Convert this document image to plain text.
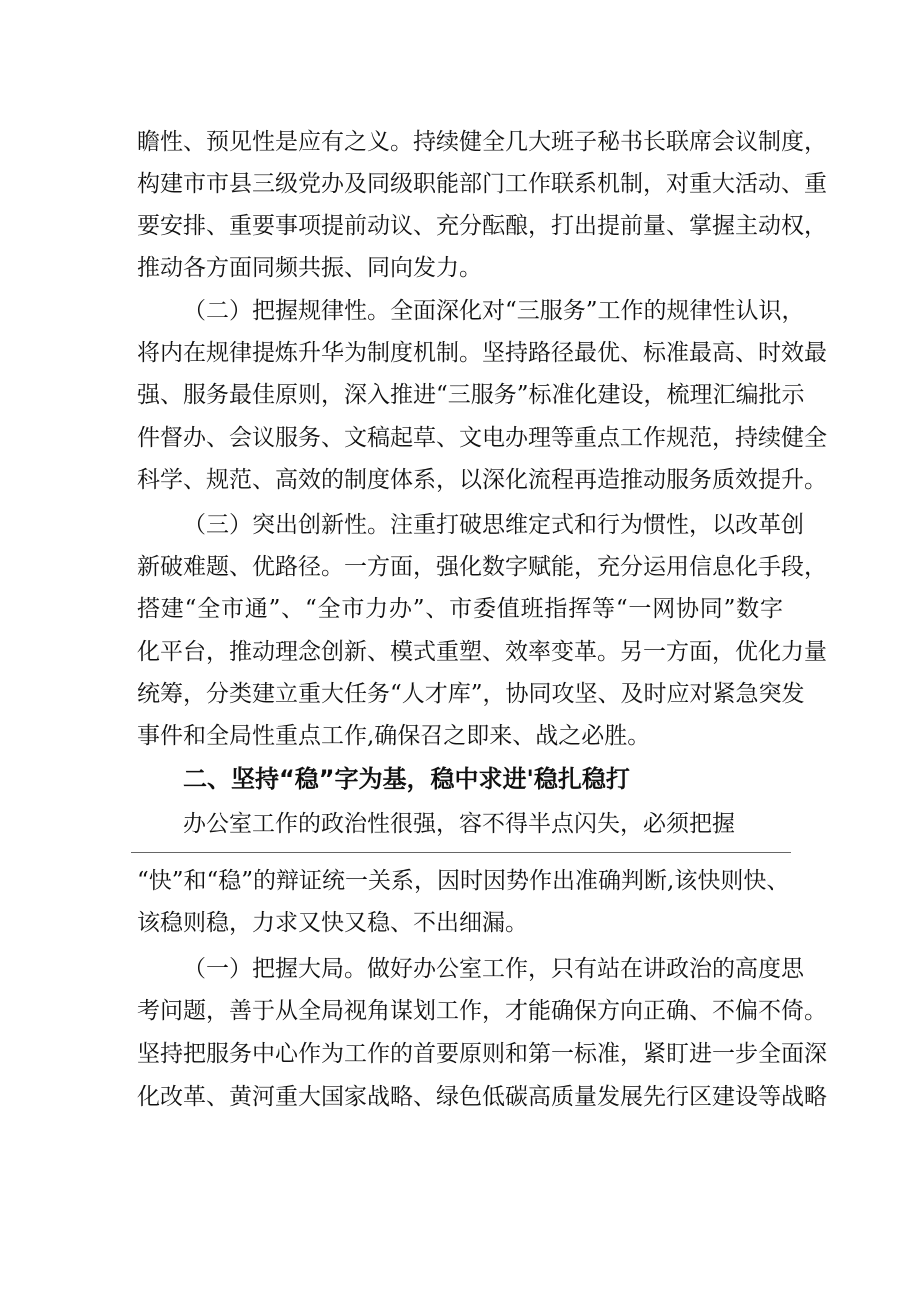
瞻性、预见性是应有之义。持续健全几大班子秘书长联席会议制度，
构建市市县三级党办及同级职能部门工作联系机制，对重大活动、重
要安排、重要事项提前动议、充分酝酿，打出提前量、掌握主动权，
推动各方面同频共振、同向发力。
（二）把握规律性。全面深化对“三服务”工作的规律性认识，
将内在规律提炼升华为制度机制。坚持路径最优、标准最高、时效最
强、服务最佳原则，深入推进“三服务”标准化建设，梳理汇编批示
件督办、会议服务、文稿起草、文电办理等重点工作规范，持续健全
科学、规范、高效的制度体系，以深化流程再造推动服务质效提升。
（三）突出创新性。注重打破思维定式和行为惯性，以改革创
新破难题、优路径。一方面，强化数字赋能，充分运用信息化手段，
搭建“全市通”、“全市力办”、市委值班指挥等“一网协同”数字
化平台，推动理念创新、模式重塑、效率变革。另一方面，优化力量
统筹，分类建立重大任务“人才库”，协同攻坚、及时应对紧急突发
事件和全局性重点工作,确保召之即来、战之必胜。
二、坚持“稳”字为基，稳中求进'稳扎稳打
办公室工作的政治性很强，容不得半点闪失，必须把握
“快”和“稳”的辩证统一关系，因时因势作出准确判断,该快则快、
该稳则稳，力求又快又稳、不出细漏。
（一）把握大局。做好办公室工作，只有站在讲政治的高度思
考问题，善于从全局视角谋划工作，才能确保方向正确、不偏不倚。
坚持把服务中心作为工作的首要原则和第一标准，紧盯进一步全面深
化改革、黄河重大国家战略、绿色低碳高质量发展先行区建设等战略
